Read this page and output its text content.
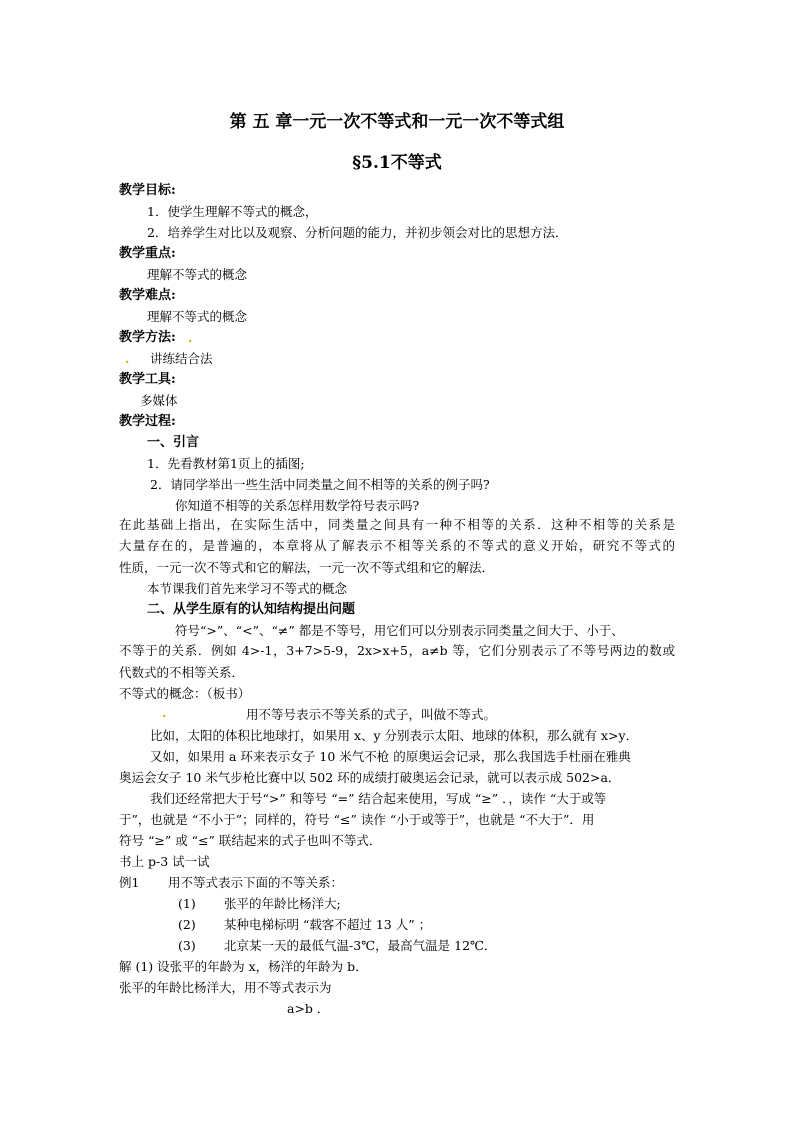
第 五 章一元一次不等式和一元一次不等式组
§5.1不等式
教学目标:
1．使学生理解不等式的概念，
2．培养学生对比以及观察、分析问题的能力，并初步领会对比的思想方法．
教学重点:
理解不等式的概念
教学难点:
理解不等式的概念
教学方法: .
. 讲练结合法
教学工具:
多媒体
教学过程:
一、引言
1．先看教材第1页上的插图;
2．请同学举出一些生活中同类量之间不相等的关系的例子吗?
你知道不相等的关系怎样用数学符号表示吗?
在此基础上指出，在实际生活中，同类量之间具有一种不相等的关系．这种不相等的关系是
大量存在的，是普遍的，本章将从了解表示不相等关系的不等式的意义开始，研究不等式的
性质，一元一次不等式和它的解法，一元一次不等式组和它的解法．
本节课我们首先来学习不等式的概念
二、从学生原有的认知结构提出问题
符号“>”、“<”、“≠” 都是不等号，用它们可以分别表示同类量之间大于、小于、
不等于的关系．例如 4>-1，3+7>5-9，2x>x+5，a≠b 等，它们分别表示了不等号两边的数或
代数式的不相等关系．
不等式的概念：（板书）
.	用不等号表示不等关系的式子，叫做不等式。
比如，太阳的体积比地球打，如果用 x、y 分别表示太阳、地球的体积，那么就有 x>y．
又如，如果用 a 环来表示女子 10 米气不枪 的原奥运会记录，那么我国选手杜丽在雅典
奥运会女子 10 米气步枪比赛中以 502 环的成绩打破奥运会记录，就可以表示成 502>a．
我们还经常把大于号“>” 和等号 “=” 结合起来使用，写成 “≥” ．，读作 “大于或等
于”，也就是 “不小于”；同样的，符号 “≤” 读作 “小于或等于”，也就是 “不大于”．用
符号 “≥” 或 “≤” 联结起来的式子也叫不等式．
书上 p-3 试一试
例1 用不等式表示下面的不等关系：
(1) 张平的年龄比杨洋大;
(2) 某种电梯标明 “载客不超过 13 人” ；
(3) 北京某一天的最低气温-3℃，最高气温是 12℃．
解 (1) 设张平的年龄为 x，杨洋的年龄为 b．
张平的年龄比杨洋大，用不等式表示为
a>b ．
